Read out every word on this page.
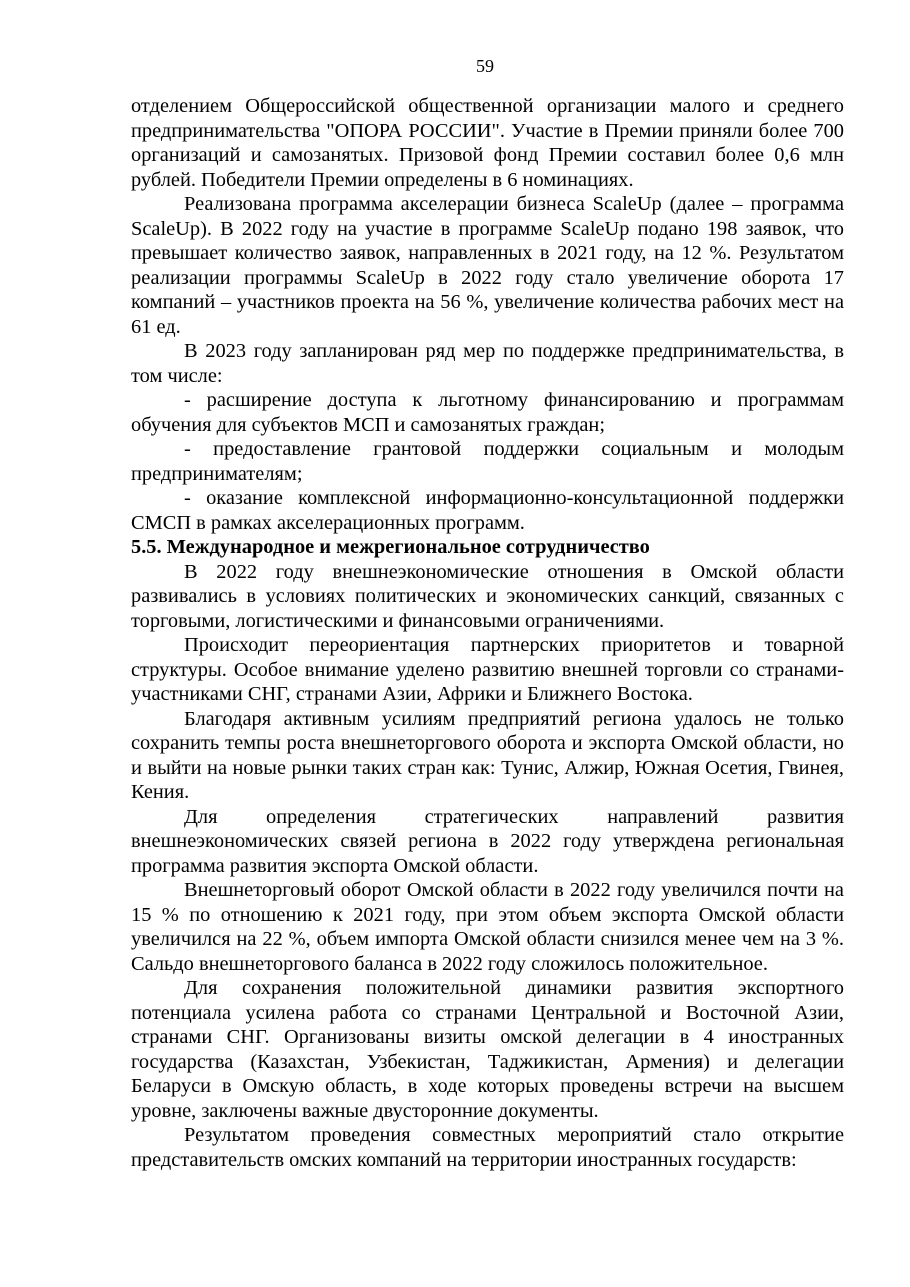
59

отделением Общероссийской общественной организации малого и среднего предпринимательства "ОПОРА РОССИИ". Участие в Премии приняли более 700 организаций и самозанятых. Призовой фонд Премии составил более 0,6 млн рублей. Победители Премии определены в 6 номинациях.

Реализована программа акселерации бизнеса ScaleUp (далее – программа ScaleUp). В 2022 году на участие в программе ScaleUp подано 198 заявок, что превышает количество заявок, направленных в 2021 году, на 12 %. Результатом реализации программы ScaleUp в 2022 году стало увеличение оборота 17 компаний – участников проекта на 56 %, увеличение количества рабочих мест на 61 ед.

В 2023 году запланирован ряд мер по поддержке предпринимательства, в том числе:

- расширение доступа к льготному финансированию и программам обучения для субъектов МСП и самозанятых граждан;

- предоставление грантовой поддержки социальным и молодым предпринимателям;

- оказание комплексной информационно-консультационной поддержки СМСП в рамках акселерационных программ.

5.5. Международное и межрегиональное сотрудничество

В 2022 году внешнеэкономические отношения в Омской области развивались в условиях политических и экономических санкций, связанных с торговыми, логистическими и финансовыми ограничениями.

Происходит переориентация партнерских приоритетов и товарной структуры. Особое внимание уделено развитию внешней торговли со странами-участниками СНГ, странами Азии, Африки и Ближнего Востока.

Благодаря активным усилиям предприятий региона удалось не только сохранить темпы роста внешнеторгового оборота и экспорта Омской области, но и выйти на новые рынки таких стран как: Тунис, Алжир, Южная Осетия, Гвинея, Кения.

Для определения стратегических направлений развития внешнеэкономических связей региона в 2022 году утверждена региональная программа развития экспорта Омской области.

Внешнеторговый оборот Омской области в 2022 году увеличился почти на 15 % по отношению к 2021 году, при этом объем экспорта Омской области увеличился на 22 %, объем импорта Омской области снизился менее чем на 3 %. Сальдо внешнеторгового баланса в 2022 году сложилось положительное.

Для сохранения положительной динамики развития экспортного потенциала усилена работа со странами Центральной и Восточной Азии, странами СНГ. Организованы визиты омской делегации в 4 иностранных государства (Казахстан, Узбекистан, Таджикистан, Армения) и делегации Беларуси в Омскую область, в ходе которых проведены встречи на высшем уровне, заключены важные двусторонние документы.

Результатом проведения совместных мероприятий стало открытие представительств омских компаний на территории иностранных государств:
